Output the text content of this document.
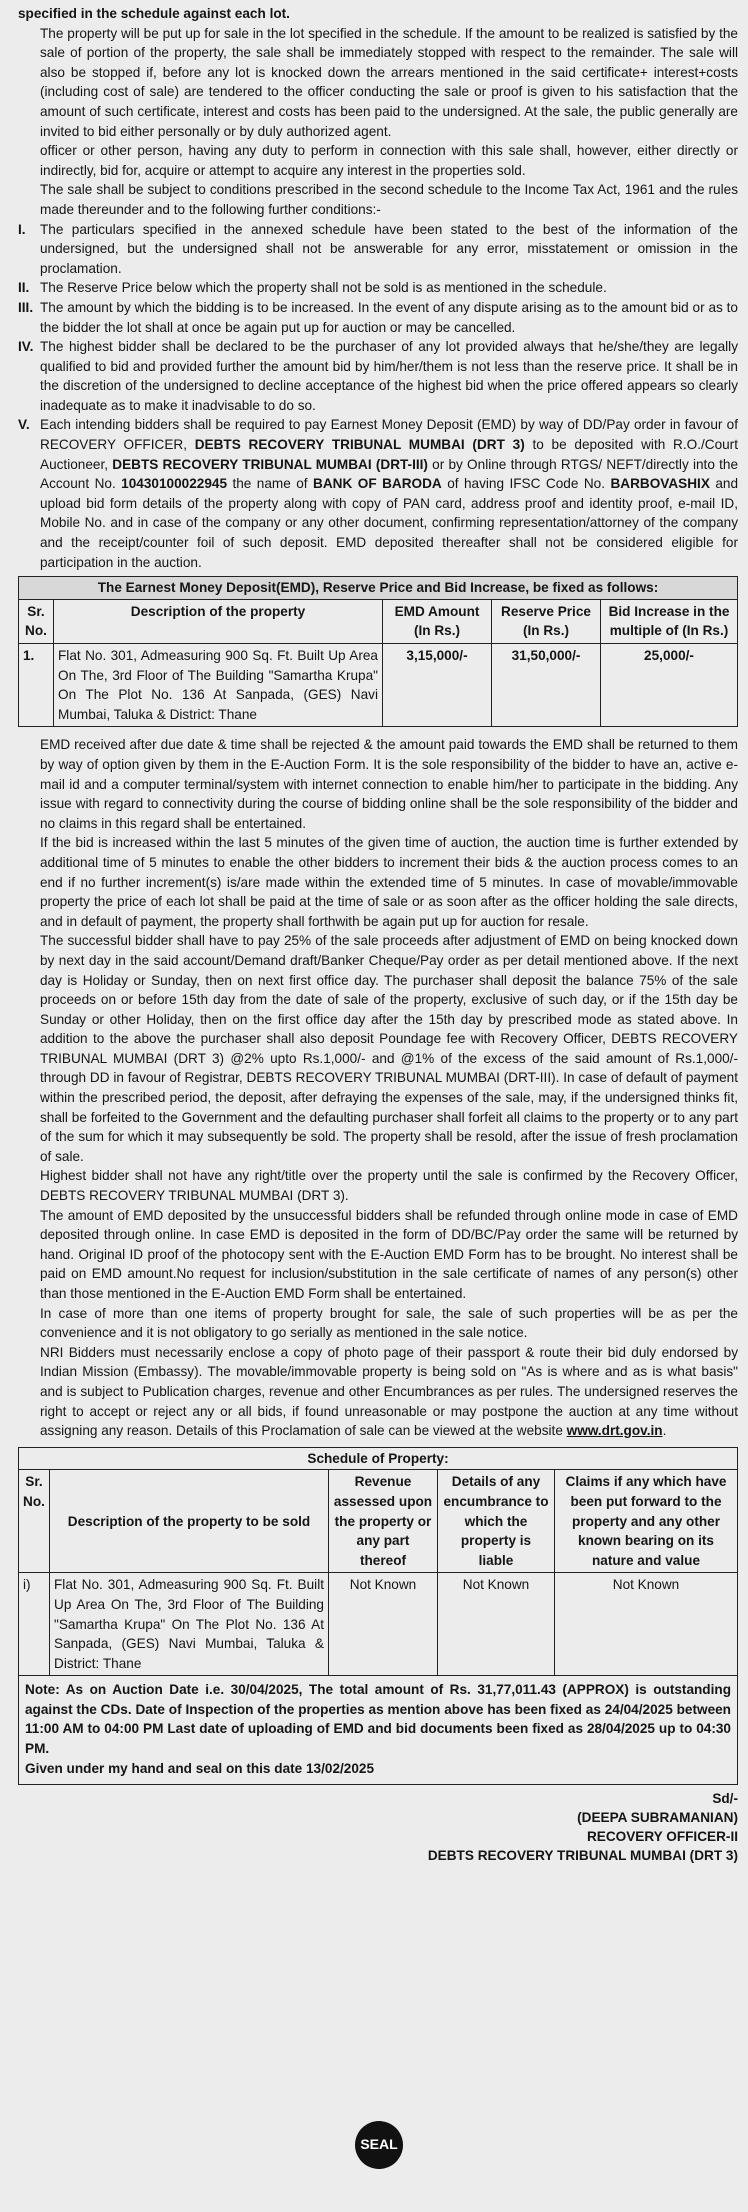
specified in the schedule against each lot.

The property will be put up for sale in the lot specified in the schedule. If the amount to be realized is satisfied by the sale of portion of the property, the sale shall be immediately stopped with respect to the remainder. The sale will also be stopped if, before any lot is knocked down the arrears mentioned in the said certificate+ interest+costs (including cost of sale) are tendered to the officer conducting the sale or proof is given to his satisfaction that the amount of such certificate, interest and costs has been paid to the undersigned. At the sale, the public generally are invited to bid either personally or by duly authorized agent.

officer or other person, having any duty to perform in connection with this sale shall, however, either directly or indirectly, bid for, acquire or attempt to acquire any interest in the properties sold.

The sale shall be subject to conditions prescribed in the second schedule to the Income Tax Act, 1961 and the rules made thereunder and to the following further conditions:-

I.	The particulars specified in the annexed schedule have been stated to the best of the information of the undersigned, but the undersigned shall not be answerable for any error, misstatement or omission in the proclamation.
II. The Reserve Price below which the property shall not be sold is as mentioned in the schedule.
III. The amount by which the bidding is to be increased. In the event of any dispute arising as to the amount bid or as to the bidder the lot shall at once be again put up for auction or may be cancelled.
IV. The highest bidder shall be declared to be the purchaser of any lot provided always that he/she/they are legally qualified to bid and provided further the amount bid by him/her/them is not less than the reserve price. It shall be in the discretion of the undersigned to decline acceptance of the highest bid when the price offered appears so clearly inadequate as to make it inadvisable to do so.
V. Each intending bidders shall be required to pay Earnest Money Deposit (EMD) by way of DD/Pay order in favour of RECOVERY OFFICER, DEBTS RECOVERY TRIBUNAL MUMBAI (DRT 3) to be deposited with R.O./Court Auctioneer, DEBTS RECOVERY TRIBUNAL MUMBAI (DRT-III) or by Online through RTGS/ NEFT/directly into the Account No. 10430100022945 the name of BANK OF BARODA of having IFSC Code No. BARBOVASHIX and upload bid form details of the property along with copy of PAN card, address proof and identity proof, e-mail ID, Mobile No. and in case of the company or any other document, confirming representation/attorney of the company and the receipt/counter foil of such deposit. EMD deposited thereafter shall not be considered eligible for participation in the auction.
The Earnest Money Deposit(EMD), Reserve Price and Bid Increase, be fixed as follows:
Sr. No.	Description of the property	EMD Amount (In Rs.)	Reserve Price (In Rs.)	Bid Increase in the multiple of (In Rs.)
1.	Flat No. 301, Admeasuring 900 Sq. Ft. Built Up Area On The, 3rd Floor of The Building "Samartha Krupa" On The Plot No. 136 At Sanpada, (GES) Navi Mumbai, Taluka & District: Thane	3,15,000/-	31,50,000/-	25,000/-

EMD received after due date & time shall be rejected & the amount paid towards the EMD shall be returned to them by way of option given by them in the E-Auction Form. It is the sole responsibility of the bidder to have an, active e-mail id and a computer terminal/system with internet connection to enable him/her to participate in the bidding. Any issue with regard to connectivity during the course of bidding online shall be the sole responsibility of the bidder and no claims in this regard shall be entertained.

If the bid is increased within the last 5 minutes of the given time of auction, the auction time is further extended by additional time of 5 minutes to enable the other bidders to increment their bids & the auction process comes to an end if no further increment(s) is/are made within the extended time of 5 minutes. In case of movable/immovable property the price of each lot shall be paid at the time of sale or as soon after as the officer holding the sale directs, and in default of payment, the property shall forthwith be again put up for auction for resale.

The successful bidder shall have to pay 25% of the sale proceeds after adjustment of EMD on being knocked down by next day in the said account/Demand draft/Banker Cheque/Pay order as per detail mentioned above. If the next day is Holiday or Sunday, then on next first office day. The purchaser shall deposit the balance 75% of the sale proceeds on or before 15th day from the date of sale of the property, exclusive of such day, or if the 15th day be Sunday or other Holiday, then on the first office day after the 15th day by prescribed mode as stated above. In addition to the above the purchaser shall also deposit Poundage fee with Recovery Officer, DEBTS RECOVERY TRIBUNAL MUMBAI (DRT 3) @2% upto Rs.1,000/- and @1% of the excess of the said amount of Rs.1,000/- through DD in favour of Registrar, DEBTS RECOVERY TRIBUNAL MUMBAI (DRT-III). In case of default of payment within the prescribed period, the deposit, after defraying the expenses of the sale, may, if the undersigned thinks fit, shall be forfeited to the Government and the defaulting purchaser shall forfeit all claims to the property or to any part of the sum for which it may subsequently be sold. The property shall be resold, after the issue of fresh proclamation of sale.

Highest bidder shall not have any right/title over the property until the sale is confirmed by the Recovery Officer, DEBTS RECOVERY TRIBUNAL MUMBAI (DRT 3).

The amount of EMD deposited by the unsuccessful bidders shall be refunded through online mode in case of EMD deposited through online. In case EMD is deposited in the form of DD/BC/Pay order the same will be returned by hand. Original ID proof of the photocopy sent with the E-Auction EMD Form has to be brought. No interest shall be paid on EMD amount.No request for inclusion/substitution in the sale certificate of names of any person(s) other than those mentioned in the E-Auction EMD Form shall be entertained.

In case of more than one items of property brought for sale, the sale of such properties will be as per the convenience and it is not obligatory to go serially as mentioned in the sale notice.

NRI Bidders must necessarily enclose a copy of photo page of their passport & route their bid duly endorsed by Indian Mission (Embassy). The movable/immovable property is being sold on "As is where and as is what basis" and is subject to Publication charges, revenue and other Encumbrances as per rules. The undersigned reserves the right to accept or reject any or all bids, if found unreasonable or may postpone the auction at any time without assigning any reason. Details of this Proclamation of sale can be viewed at the website www.drt.gov.in.

Schedule of Property:
Sr. No.	Description of the property to be sold	Revenue assessed upon the property or any part thereof	Details of any encumbrance to which the property is liable	Claims if any which have been put forward to the property and any other known bearing on its nature and value
i)	Flat No. 301, Admeasuring 900 Sq. Ft. Built Up Area On The, 3rd Floor of The Building "Samartha Krupa" On The Plot No. 136 At Sanpada, (GES) Navi Mumbai, Taluka & District: Thane	Not Known	Not Known	Not Known
Note: As on Auction Date i.e. 30/04/2025, The total amount of Rs. 31,77,011.43 (APPROX) is outstanding against the CDs. Date of Inspection of the properties as mention above has been fixed as 24/04/2025 between 11:00 AM to 04:00 PM Last date of uploading of EMD and bid documents been fixed as 28/04/2025 up to 04:30 PM.
Given under my hand and seal on this date 13/02/2025
Sd/-
(DEEPA SUBRAMANIAN)
RECOVERY OFFICER-II
DEBTS RECOVERY TRIBUNAL MUMBAI (DRT 3)
SEAL
